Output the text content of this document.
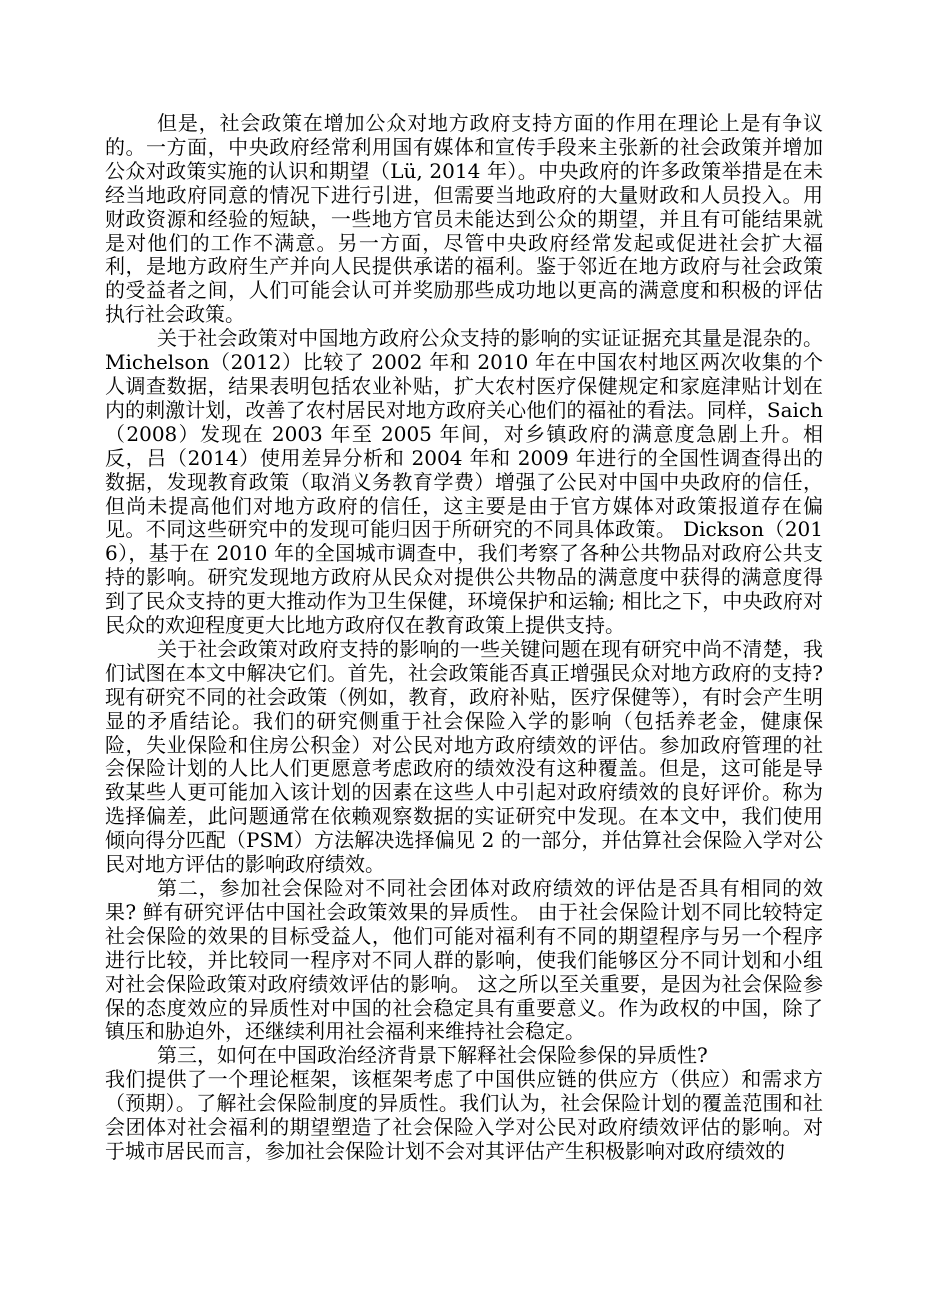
但是，社会政策在增加公众对地方政府支持方面的作用在理论上是有争议的。一方面，中央政府经常利用国有媒体和宣传手段来主张新的社会政策并增加公众对政策实施的认识和期望（Lü, 2014 年）。中央政府的许多政策举措是在未经当地政府同意的情况下进行引进，但需要当地政府的大量财政和人员投入。用财政资源和经验的短缺，一些地方官员未能达到公众的期望，并且有可能结果就是对他们的工作不满意。另一方面，尽管中央政府经常发起或促进社会扩大福利，是地方政府生产并向人民提供承诺的福利。鉴于邻近在地方政府与社会政策的受益者之间，人们可能会认可并奖励那些成功地以更高的满意度和积极的评估执行社会政策。

关于社会政策对中国地方政府公众支持的影响的实证证据充其量是混杂的。Michelson（2012）比较了 2002 年和 2010 年在中国农村地区两次收集的个人调查数据，结果表明包括农业补贴，扩大农村医疗保健规定和家庭津贴计划在内的刺激计划，改善了农村居民对地方政府关心他们的福祉的看法。同样，Saich（2008）发现在 2003 年至 2005 年间，对乡镇政府的满意度急剧上升。相反，吕（2014）使用差异分析和 2004 年和 2009 年进行的全国性调查得出的数据，发现教育政策（取消义务教育学费）增强了公民对中国中央政府的信任，但尚未提高他们对地方政府的信任，这主要是由于官方媒体对政策报道存在偏见。不同这些研究中的发现可能归因于所研究的不同具体政策。 Dickson（2016），基于在 2010 年的全国城市调查中，我们考察了各种公共物品对政府公共支持的影响。研究发现地方政府从民众对提供公共物品的满意度中获得的满意度得到了民众支持的更大推动作为卫生保健，环境保护和运输; 相比之下，中央政府对民众的欢迎程度更大比地方政府仅在教育政策上提供支持。

关于社会政策对政府支持的影响的一些关键问题在现有研究中尚不清楚，我们试图在本文中解决它们。首先，社会政策能否真正增强民众对地方政府的支持? 现有研究不同的社会政策（例如，教育，政府补贴，医疗保健等），有时会产生明显的矛盾结论。我们的研究侧重于社会保险入学的影响（包括养老金，健康保险，失业保险和住房公积金）对公民对地方政府绩效的评估。参加政府管理的社会保险计划的人比人们更愿意考虑政府的绩效没有这种覆盖。但是，这可能是导致某些人更可能加入该计划的因素在这些人中引起对政府绩效的良好评价。称为选择偏差，此问题通常在依赖观察数据的实证研究中发现。在本文中，我们使用倾向得分匹配（PSM）方法解决选择偏见 2 的一部分，并估算社会保险入学对公民对地方评估的影响政府绩效。

第二，参加社会保险对不同社会团体对政府绩效的评估是否具有相同的效果? 鲜有研究评估中国社会政策效果的异质性。 由于社会保险计划不同比较特定社会保险的效果的目标受益人，他们可能对福利有不同的期望程序与另一个程序进行比较，并比较同一程序对不同人群的影响，使我们能够区分不同计划和小组对社会保险政策对政府绩效评估的影响。 这之所以至关重要，是因为社会保险参保的态度效应的异质性对中国的社会稳定具有重要意义。作为政权的中国，除了镇压和胁迫外，还继续利用社会福利来维持社会稳定。

第三，如何在中国政治经济背景下解释社会保险参保的异质性?

我们提供了一个理论框架，该框架考虑了中国供应链的供应方（供应）和需求方（预期）。了解社会保险制度的异质性。我们认为，社会保险计划的覆盖范围和社会团体对社会福利的期望塑造了社会保险入学对公民对政府绩效评估的影响。对于城市居民而言，参加社会保险计划不会对其评估产生积极影响对政府绩效的
